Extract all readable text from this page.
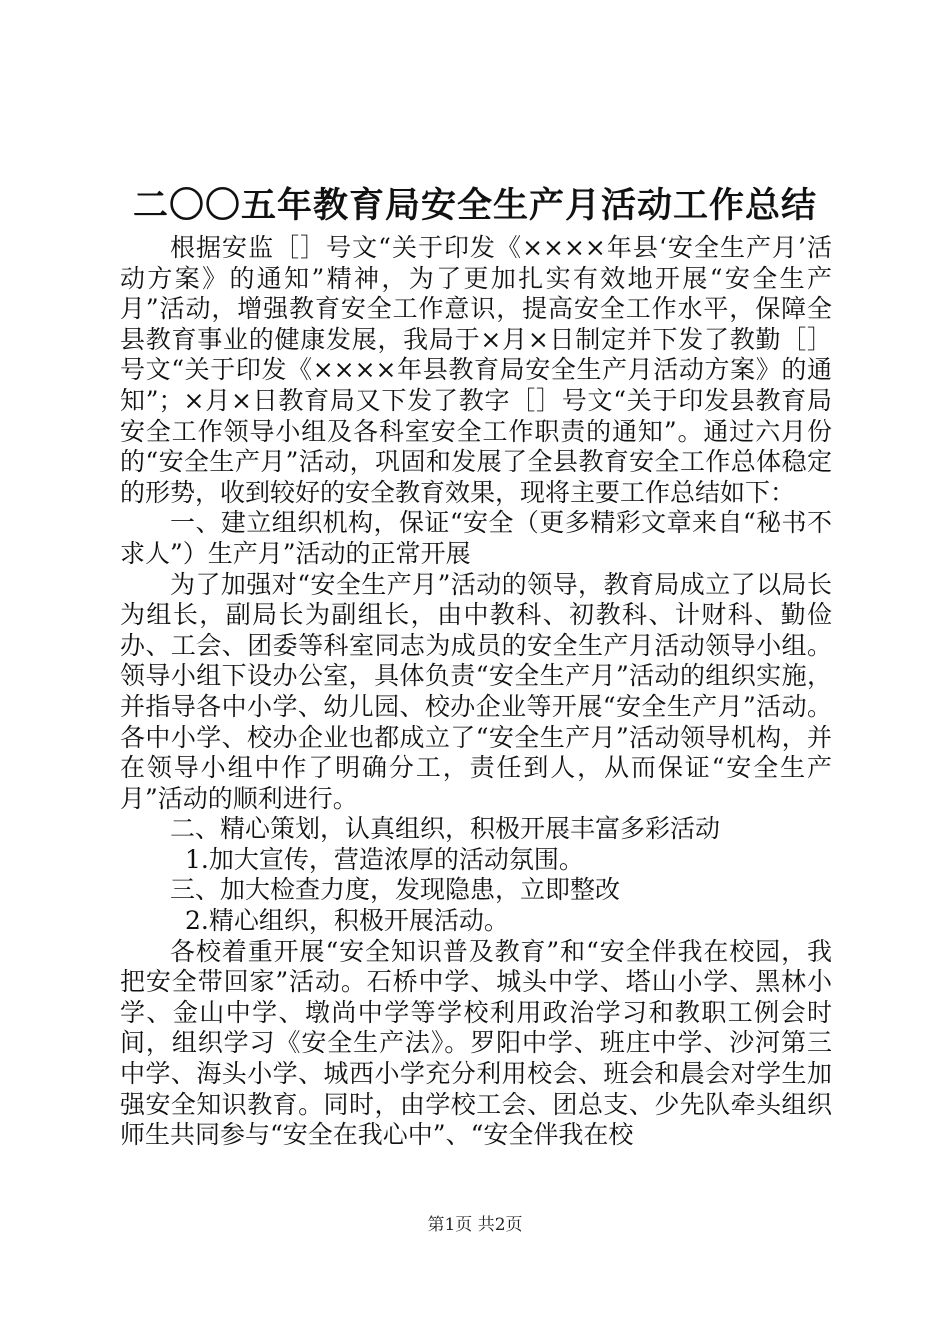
二〇〇五年教育局安全生产月活动工作总结

根据安监［］号文“关于印发《××××年县‘安全生产月’活动方案》的通知”精神，为了更加扎实有效地开展“安全生产月”活动，增强教育安全工作意识，提高安全工作水平，保障全县教育事业的健康发展，我局于×月×日制定并下发了教勤［］号文“关于印发《××××年县教育局安全生产月活动方案》的通知”；×月×日教育局又下发了教字［］号文“关于印发县教育局安全工作领导小组及各科室安全工作职责的通知”。通过六月份的“安全生产月”活动，巩固和发展了全县教育安全工作总体稳定的形势，收到较好的安全教育效果，现将主要工作总结如下：

一、建立组织机构，保证“安全（更多精彩文章来自“秘书不求人”）生产月”活动的正常开展

为了加强对“安全生产月”活动的领导，教育局成立了以局长为组长，副局长为副组长，由中教科、初教科、计财科、勤俭办、工会、团委等科室同志为成员的安全生产月活动领导小组。领导小组下设办公室，具体负责“安全生产月”活动的组织实施，并指导各中小学、幼儿园、校办企业等开展“安全生产月”活动。各中小学、校办企业也都成立了“安全生产月”活动领导机构，并在领导小组中作了明确分工，责任到人，从而保证“安全生产月”活动的顺利进行。

二、精心策划，认真组织，积极开展丰富多彩活动

1.加大宣传，营造浓厚的活动氛围。

三、加大检查力度，发现隐患，立即整改

2.精心组织，积极开展活动。

各校着重开展“安全知识普及教育”和“安全伴我在校园，我把安全带回家”活动。石桥中学、城头中学、塔山小学、黑林小学、金山中学、墩尚中学等学校利用政治学习和教职工例会时间，组织学习《安全生产法》。罗阳中学、班庄中学、沙河第三中学、海头小学、城西小学充分利用校会、班会和晨会对学生加强安全知识教育。同时，由学校工会、团总支、少先队牵头组织师生共同参与“安全在我心中”、“安全伴我在校

第1页 共2页
